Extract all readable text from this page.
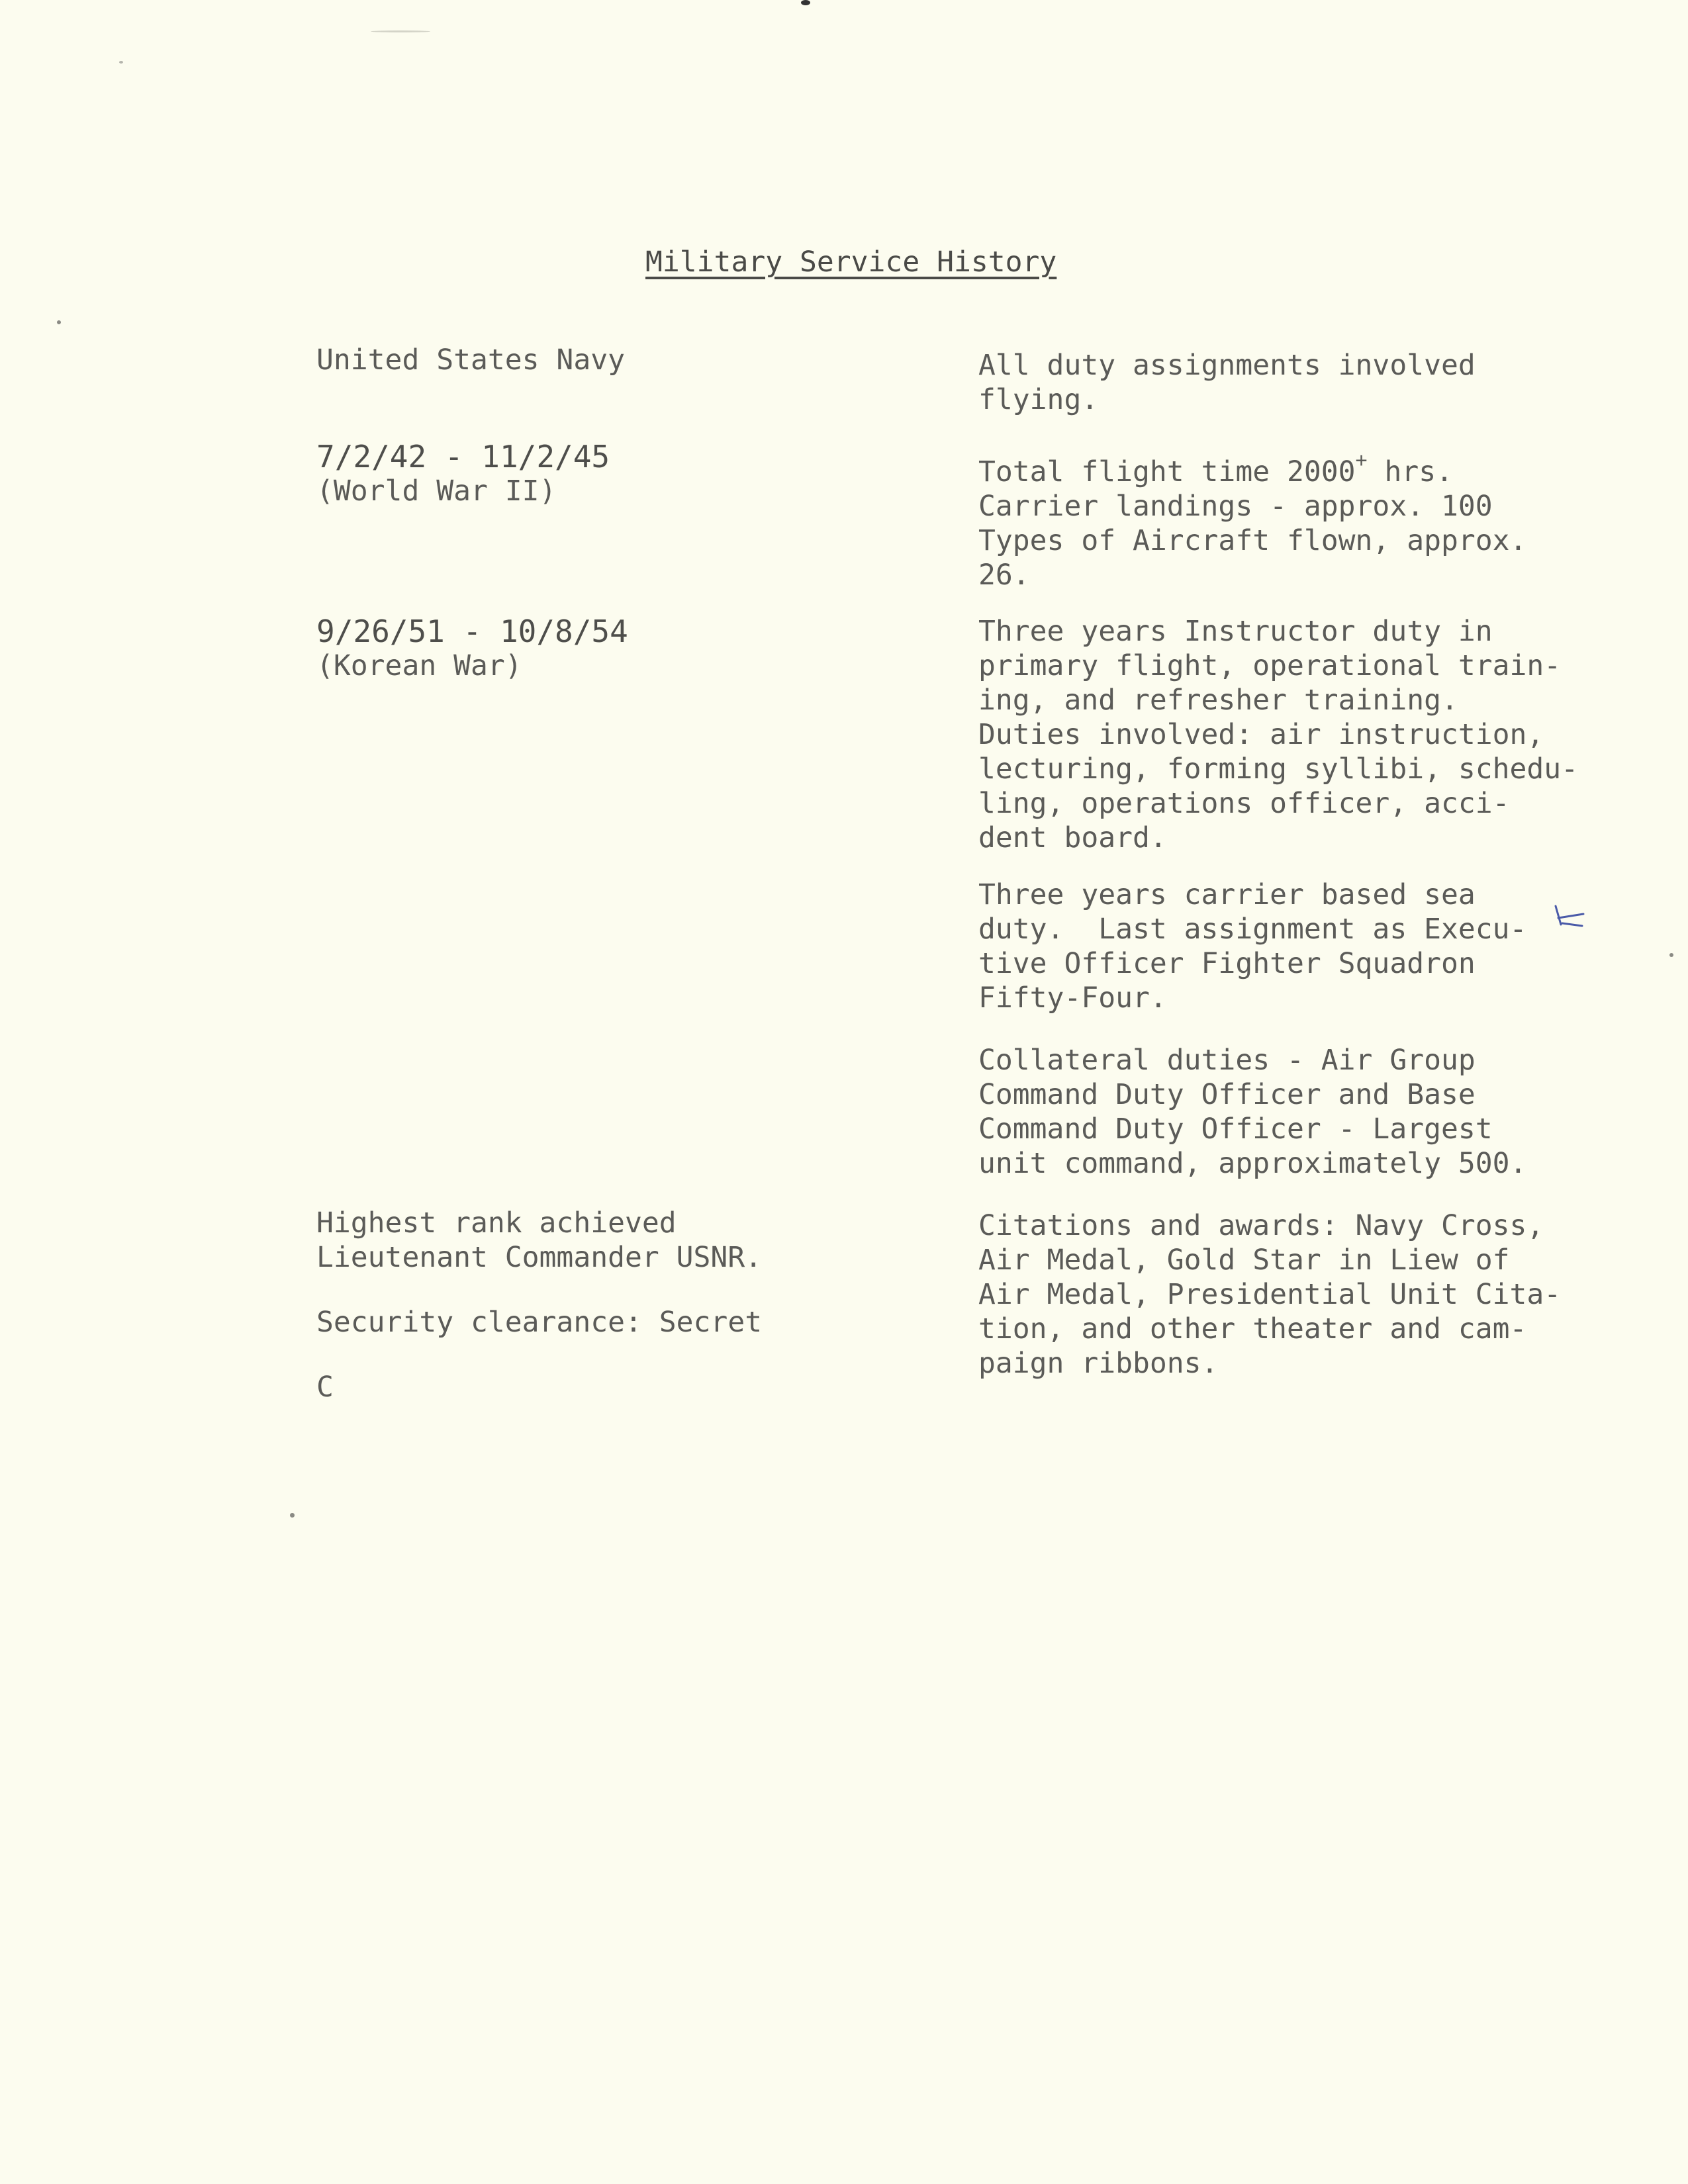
Military Service History
United States Navy
7/2/42 - 11/2/45
(World War II)
9/26/51 - 10/8/54
(Korean War)
Highest rank achieved
Lieutenant Commander USNR.
Security clearance: Secret
C
All duty assignments involved
flying.
Total flight time 2000+ hrs.
Carrier landings - approx. 100
Types of Aircraft flown, approx.
26.
Three years Instructor duty in
primary flight, operational train-
ing, and refresher training.
Duties involved: air instruction,
lecturing, forming syllibi, schedu-
ling, operations officer, acci-
dent board.
Three years carrier based sea
duty.  Last assignment as Execu-
tive Officer Fighter Squadron
Fifty-Four.
Collateral duties - Air Group
Command Duty Officer and Base
Command Duty Officer - Largest
unit command, approximately 500.
Citations and awards: Navy Cross,
Air Medal, Gold Star in Liew of
Air Medal, Presidential Unit Cita-
tion, and other theater and cam-
paign ribbons.
